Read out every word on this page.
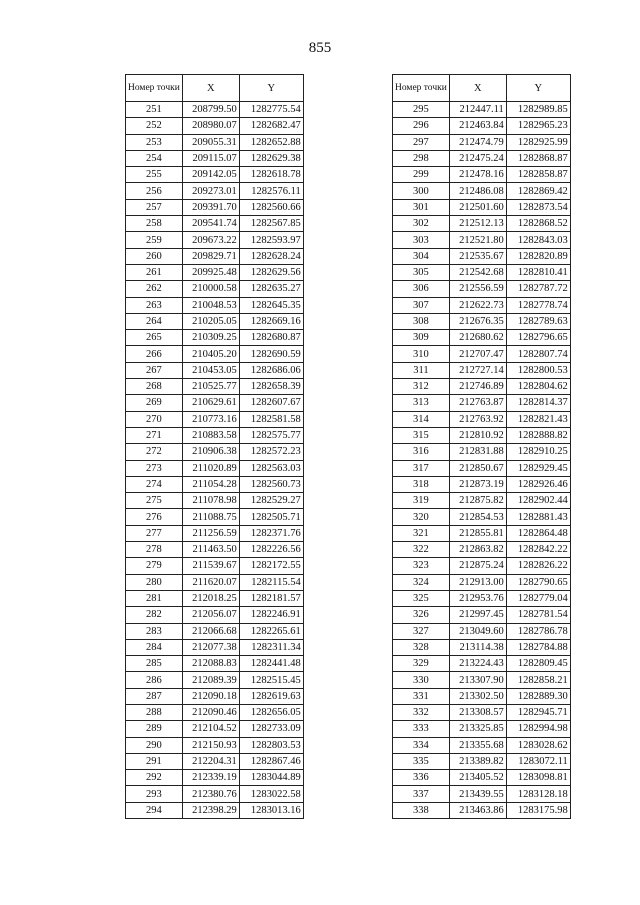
855
Номер точки	X	Y
251	208799.50	1282775.54
252	208980.07	1282682.47
253	209055.31	1282652.88
254	209115.07	1282629.38
255	209142.05	1282618.78
256	209273.01	1282576.11
257	209391.70	1282560.66
258	209541.74	1282567.85
259	209673.22	1282593.97
260	209829.71	1282628.24
261	209925.48	1282629.56
262	210000.58	1282635.27
263	210048.53	1282645.35
264	210205.05	1282669.16
265	210309.25	1282680.87
266	210405.20	1282690.59
267	210453.05	1282686.06
268	210525.77	1282658.39
269	210629.61	1282607.67
270	210773.16	1282581.58
271	210883.58	1282575.77
272	210906.38	1282572.23
273	211020.89	1282563.03
274	211054.28	1282560.73
275	211078.98	1282529.27
276	211088.75	1282505.71
277	211256.59	1282371.76
278	211463.50	1282226.56
279	211539.67	1282172.55
280	211620.07	1282115.54
281	212018.25	1282181.57
282	212056.07	1282246.91
283	212066.68	1282265.61
284	212077.38	1282311.34
285	212088.83	1282441.48
286	212089.39	1282515.45
287	212090.18	1282619.63
288	212090.46	1282656.05
289	212104.52	1282733.09
290	212150.93	1282803.53
291	212204.31	1282867.46
292	212339.19	1283044.89
293	212380.76	1283022.58
294	212398.29	1283013.16
Номер точки	X	Y
295	212447.11	1282989.85
296	212463.84	1282965.23
297	212474.79	1282925.99
298	212475.24	1282868.87
299	212478.16	1282858.87
300	212486.08	1282869.42
301	212501.60	1282873.54
302	212512.13	1282868.52
303	212521.80	1282843.03
304	212535.67	1282820.89
305	212542.68	1282810.41
306	212556.59	1282787.72
307	212622.73	1282778.74
308	212676.35	1282789.63
309	212680.62	1282796.65
310	212707.47	1282807.74
311	212727.14	1282800.53
312	212746.89	1282804.62
313	212763.87	1282814.37
314	212763.92	1282821.43
315	212810.92	1282888.82
316	212831.88	1282910.25
317	212850.67	1282929.45
318	212873.19	1282926.46
319	212875.82	1282902.44
320	212854.53	1282881.43
321	212855.81	1282864.48
322	212863.82	1282842.22
323	212875.24	1282826.22
324	212913.00	1282790.65
325	212953.76	1282779.04
326	212997.45	1282781.54
327	213049.60	1282786.78
328	213114.38	1282784.88
329	213224.43	1282809.45
330	213307.90	1282858.21
331	213302.50	1282889.30
332	213308.57	1282945.71
333	213325.85	1282994.98
334	213355.68	1283028.62
335	213389.82	1283072.11
336	213405.52	1283098.81
337	213439.55	1283128.18
338	213463.86	1283175.98
